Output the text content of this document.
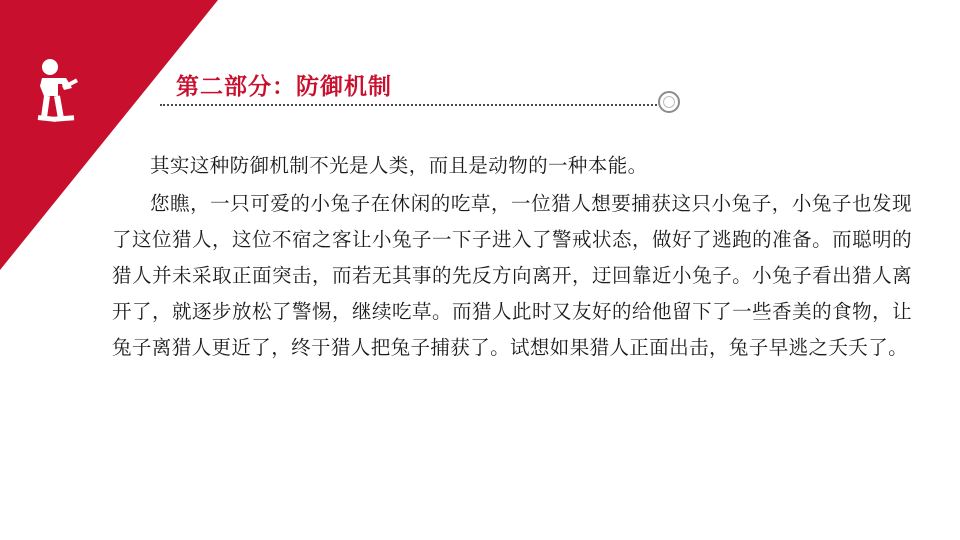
第二部分：防御机制

其实这种防御机制不光是人类，而且是动物的一种本能。

您瞧，一只可爱的小兔子在休闲的吃草，一位猎人想要捕获这只小兔子，小兔子也发现了这位猎人，这位不宿之客让小兔子一下子进入了警戒状态，做好了逃跑的准备。而聪明的猎人并未采取正面突击，而若无其事的先反方向离开，迂回靠近小兔子。小兔子看出猎人离开了，就逐步放松了警惕，继续吃草。而猎人此时又友好的给他留下了一些香美的食物，让兔子离猎人更近了，终于猎人把兔子捕获了。试想如果猎人正面出击，兔子早逃之夭夭了。
